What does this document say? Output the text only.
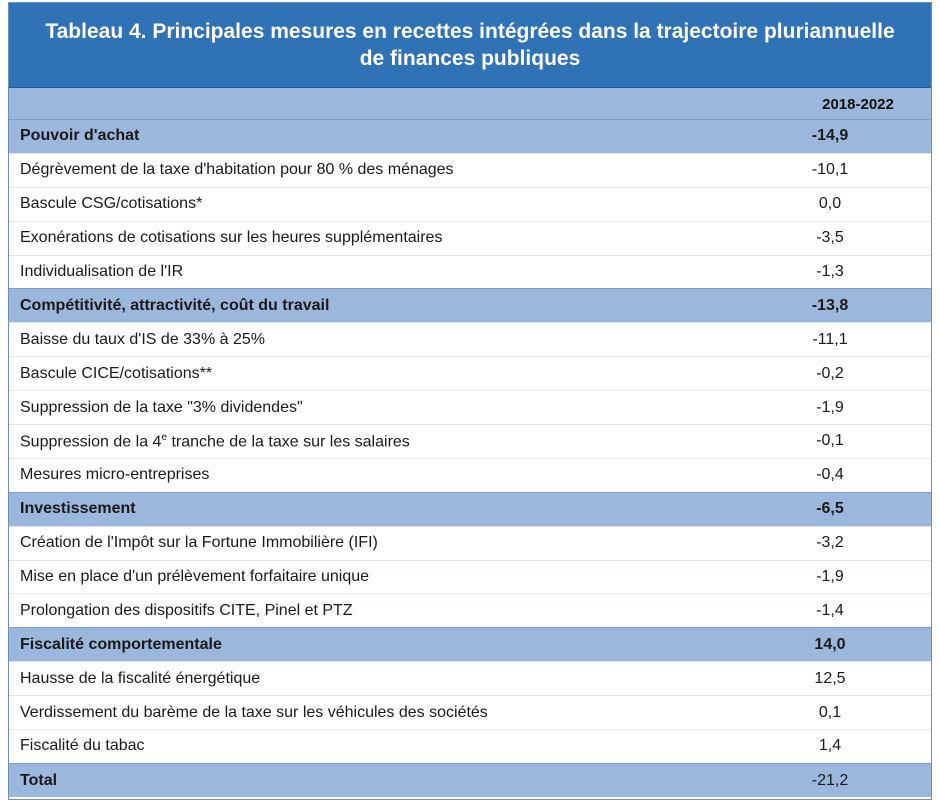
Tableau 4. Principales mesures en recettes intégrées dans la trajectoire pluriannuelle
de finances publiques
2018-2022
Pouvoir d'achat	-14,9
Dégrèvement de la taxe d'habitation pour 80 % des ménages	-10,1
Bascule CSG/cotisations*	0,0
Exonérations de cotisations sur les heures supplémentaires	-3,5
Individualisation de l'IR	-1,3
Compétitivité, attractivité, coût du travail	-13,8
Baisse du taux d'IS de 33% à 25%	-11,1
Bascule CICE/cotisations**	-0,2
Suppression de la taxe "3% dividendes"	-1,9
Suppression de la 4e tranche de la taxe sur les salaires	-0,1
Mesures micro-entreprises	-0,4
Investissement	-6,5
Création de l'Impôt sur la Fortune Immobilière (IFI)	-3,2
Mise en place d'un prélèvement forfaitaire unique	-1,9
Prolongation des dispositifs CITE, Pinel et PTZ	-1,4
Fiscalité comportementale	14,0
Hausse de la fiscalité énergétique	12,5
Verdissement du barème de la taxe sur les véhicules des sociétés	0,1
Fiscalité du tabac	1,4
Total	-21,2
